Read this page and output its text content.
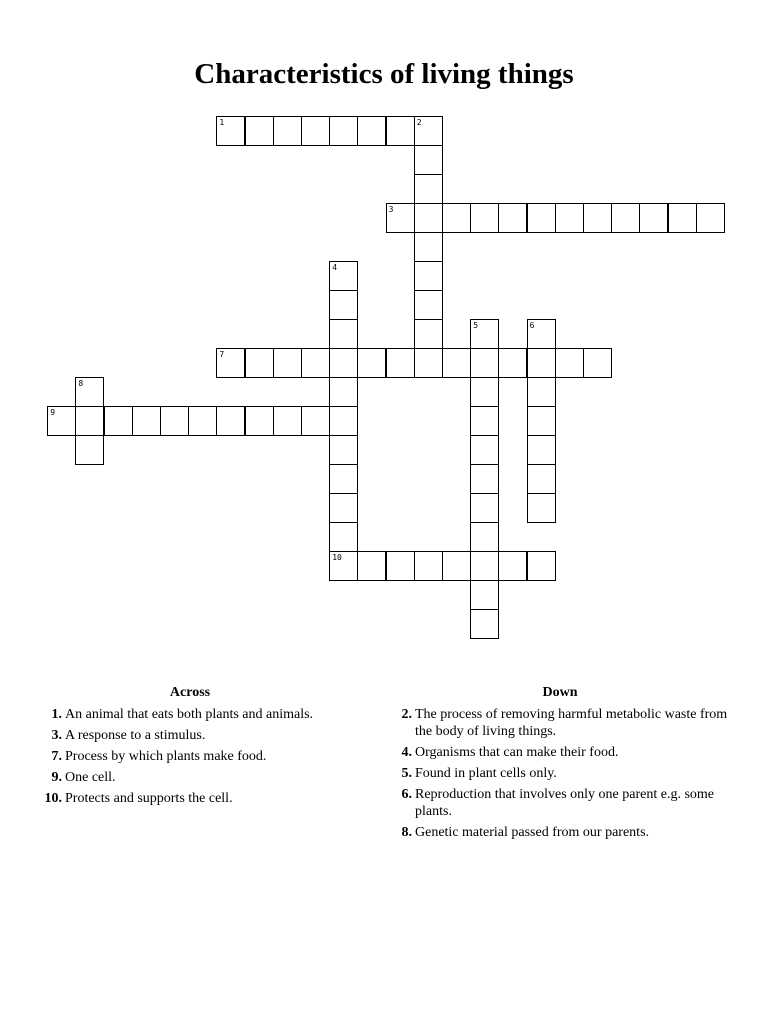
Characteristics of living things
1	2
3
4
5	6
7
8
9
10
Across
1. An animal that eats both plants and animals.
3. A response to a stimulus.
7. Process by which plants make food.
9. One cell.
10. Protects and supports the cell.
Down
2. The process of removing harmful metabolic waste from the body of living things.
4. Organisms that can make their food.
5. Found in plant cells only.
6. Reproduction that involves only one parent e.g. some plants.
8. Genetic material passed from our parents.
